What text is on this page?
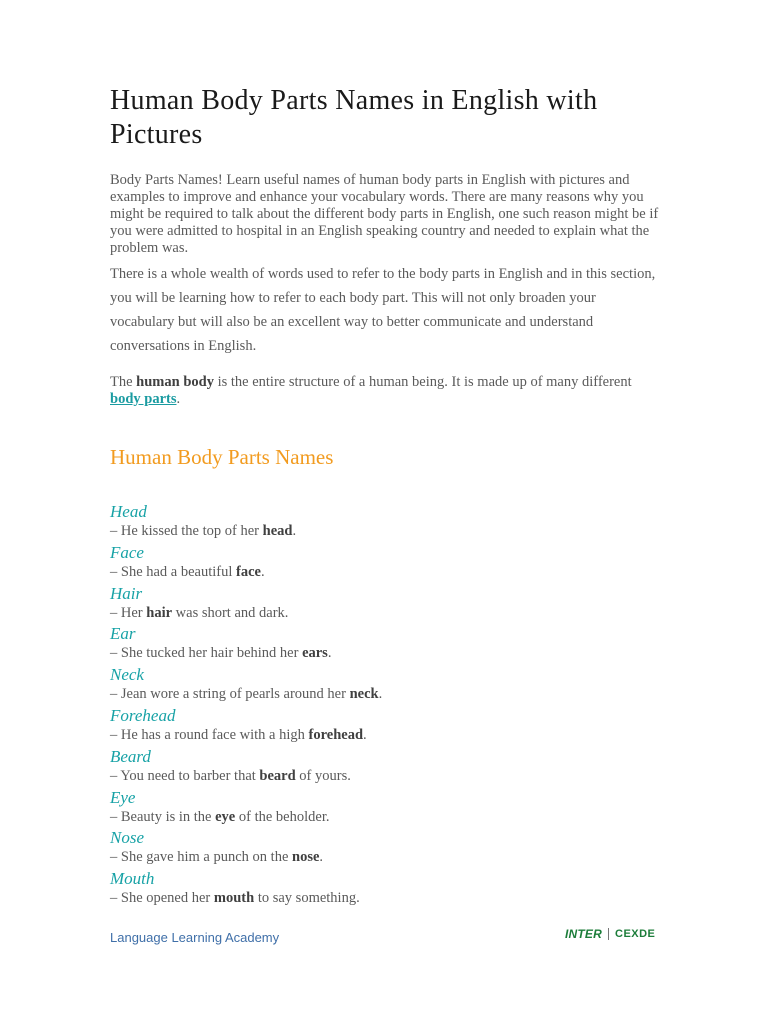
Human Body Parts Names in English with Pictures

Body Parts Names! Learn useful names of human body parts in English with pictures and examples to improve and enhance your vocabulary words. There are many reasons why you might be required to talk about the different body parts in English, one such reason might be if you were admitted to hospital in an English speaking country and needed to explain what the problem was.

There is a whole wealth of words used to refer to the body parts in English and in this section, you will be learning how to refer to each body part. This will not only broaden your vocabulary but will also be an excellent way to better communicate and understand conversations in English.

The human body is the entire structure of a human being. It is made up of many different body parts.

Human Body Parts Names
Head
– He kissed the top of her head.
Face
– She had a beautiful face.
Hair
– Her hair was short and dark.
Ear
– She tucked her hair behind her ears.
Neck
– Jean wore a string of pearls around her neck.
Forehead
– He has a round face with a high forehead.
Beard
– You need to barber that beard of yours.
Eye
– Beauty is in the eye of the beholder.
Nose
– She gave him a punch on the nose.
Mouth
– She opened her mouth to say something.
Language Learning Academy	INTER CEXDE
